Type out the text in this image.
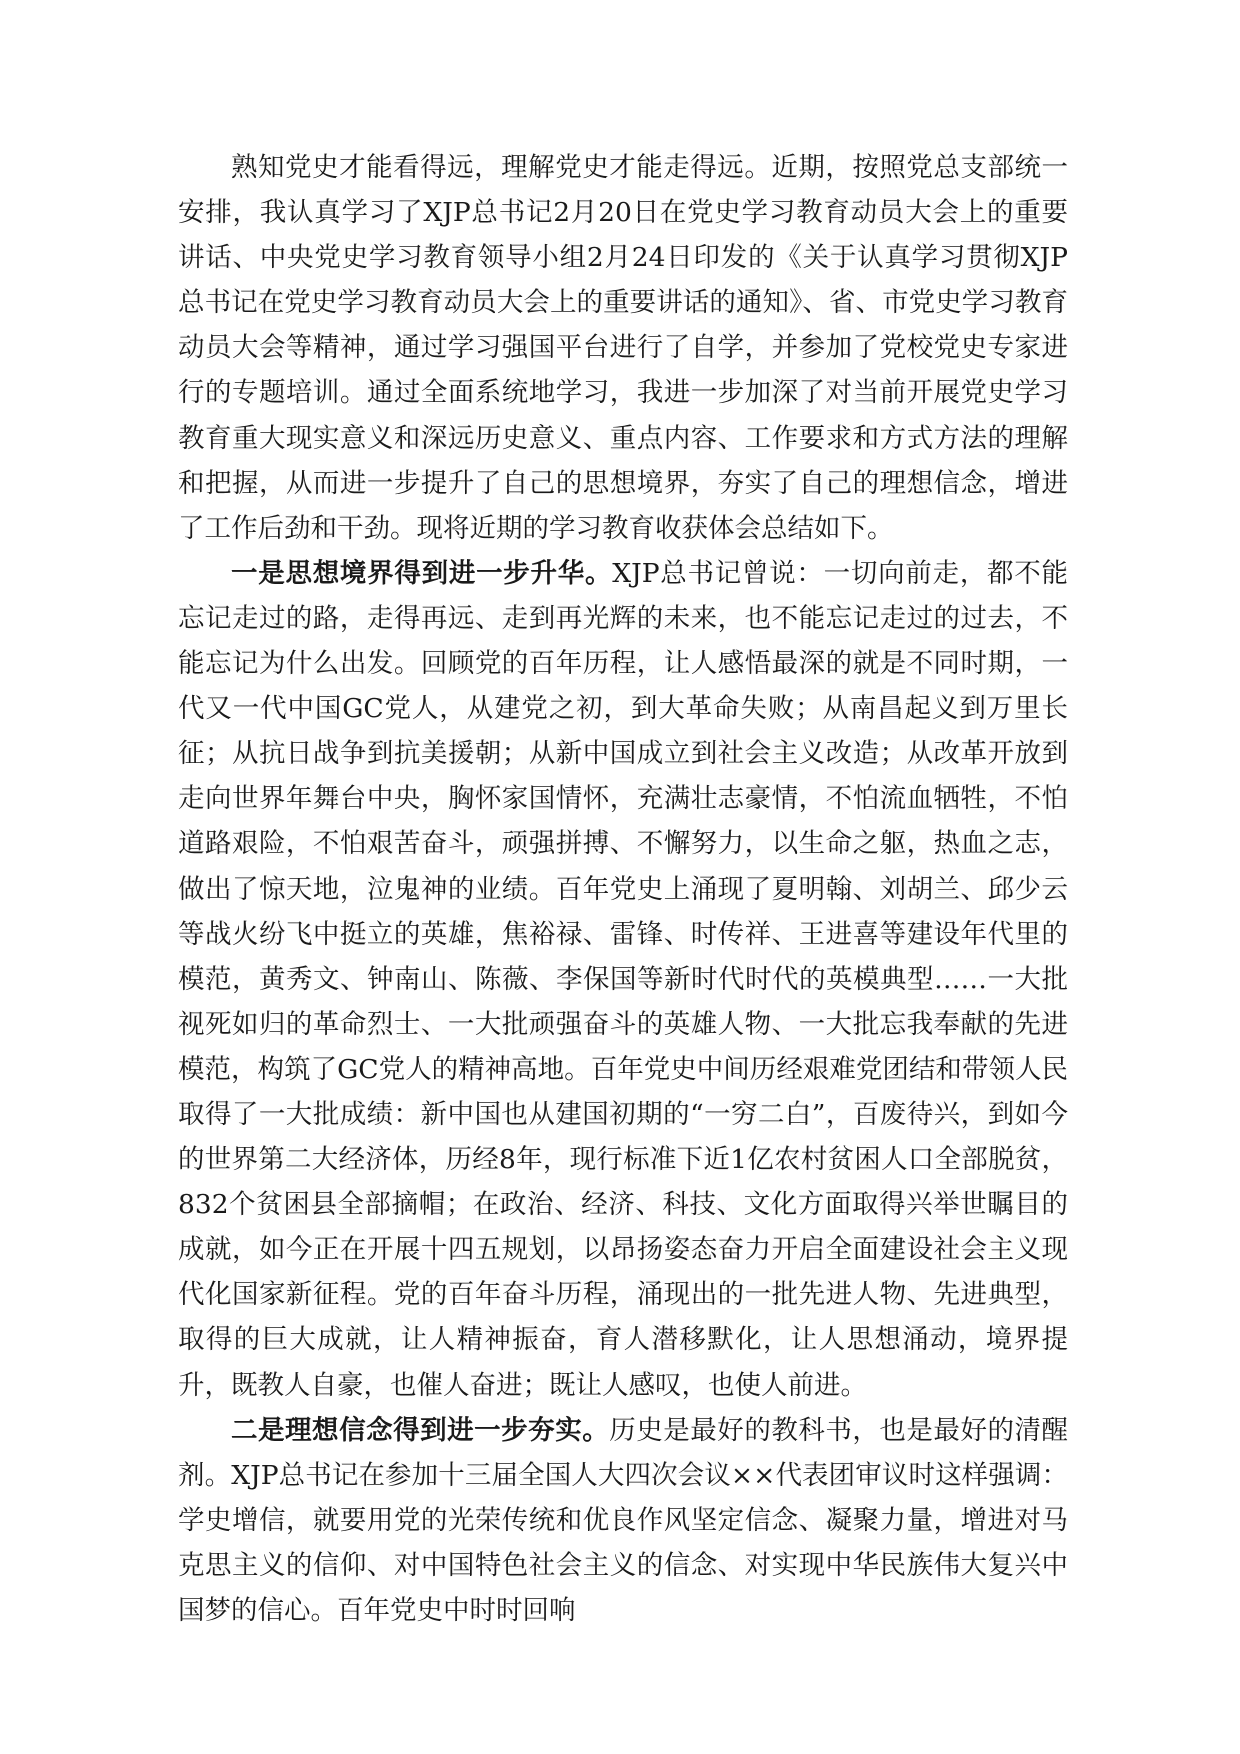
熟知党史才能看得远，理解党史才能走得远。近期，按照党总支部统一安排，我认真学习了XJP总书记2月20日在党史学习教育动员大会上的重要讲话、中央党史学习教育领导小组2月24日印发的《关于认真学习贯彻XJP总书记在党史学习教育动员大会上的重要讲话的通知》、省、市党史学习教育动员大会等精神，通过学习强国平台进行了自学，并参加了党校党史专家进行的专题培训。通过全面系统地学习，我进一步加深了对当前开展党史学习教育重大现实意义和深远历史意义、重点内容、工作要求和方式方法的理解和把握，从而进一步提升了自己的思想境界，夯实了自己的理想信念，增进了工作后劲和干劲。现将近期的学习教育收获体会总结如下。

一是思想境界得到进一步升华。XJP总书记曾说：一切向前走，都不能忘记走过的路，走得再远、走到再光辉的未来，也不能忘记走过的过去，不能忘记为什么出发。回顾党的百年历程，让人感悟最深的就是不同时期，一代又一代中国GC党人，从建党之初，到大革命失败；从南昌起义到万里长征；从抗日战争到抗美援朝；从新中国成立到社会主义改造；从改革开放到走向世界年舞台中央，胸怀家国情怀，充满壮志豪情，不怕流血牺牲，不怕道路艰险，不怕艰苦奋斗，顽强拼搏、不懈努力，以生命之躯，热血之志，做出了惊天地，泣鬼神的业绩。百年党史上涌现了夏明翰、刘胡兰、邱少云等战火纷飞中挺立的英雄，焦裕禄、雷锋、时传祥、王进喜等建设年代里的模范，黄秀文、钟南山、陈薇、李保国等新时代时代的英模典型……一大批视死如归的革命烈士、一大批顽强奋斗的英雄人物、一大批忘我奉献的先进模范，构筑了GC党人的精神高地。百年党史中间历经艰难党团结和带领人民取得了一大批成绩：新中国也从建国初期的“一穷二白”，百废待兴，到如今的世界第二大经济体，历经8年，现行标准下近1亿农村贫困人口全部脱贫，832个贫困县全部摘帽；在政治、经济、科技、文化方面取得兴举世瞩目的成就，如今正在开展十四五规划，以昂扬姿态奋力开启全面建设社会主义现代化国家新征程。党的百年奋斗历程，涌现出的一批先进人物、先进典型，取得的巨大成就，让人精神振奋，育人潜移默化，让人思想涌动，境界提升，既教人自豪，也催人奋进；既让人感叹，也使人前进。

二是理想信念得到进一步夯实。历史是最好的教科书，也是最好的清醒剂。XJP总书记在参加十三届全国人大四次会议××代表团审议时这样强调：学史增信，就要用党的光荣传统和优良作风坚定信念、凝聚力量，增进对马克思主义的信仰、对中国特色社会主义的信念、对实现中华民族伟大复兴中国梦的信心。百年党史中时时回响
